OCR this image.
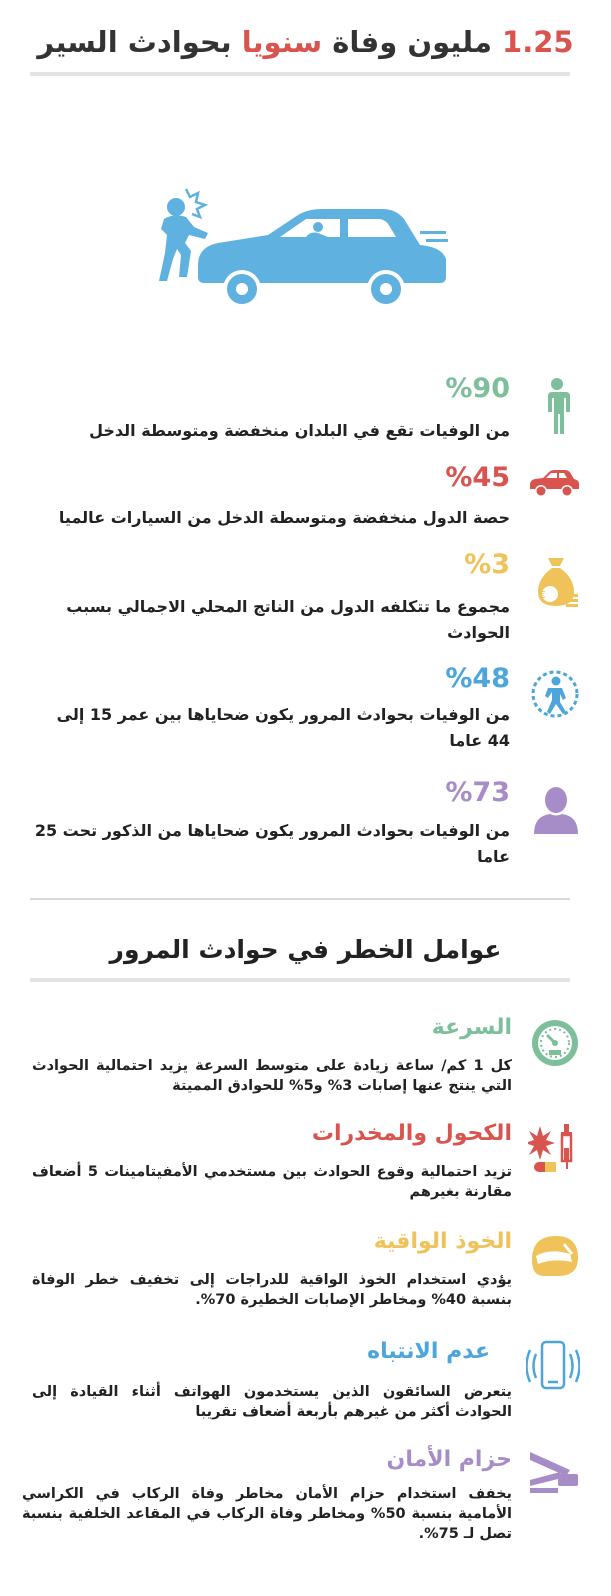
1.25 مليون وفاة سنويا بحوادث السير
%90
من الوفيات تقع في البلدان منخفضة ومتوسطة الدخل
%45
حصة الدول منخفضة ومتوسطة الدخل من السيارات عالميا
%3
مجموع ما تتكلفه الدول من الناتج المحلي الاجمالي بسبب الحوادث
€
%48
من الوفيات بحوادث المرور يكون ضحاياها بين عمر 15 إلى 44 عاما
%73
من الوفيات بحوادث المرور يكون ضحاياها من الذكور تحت 25 عاما
عوامل الخطر في حوادث المرور
السرعة
كل 1 كم/ ساعة زيادة على متوسط السرعة يزيد احتمالية الحوادث التي ينتج عنها إصابات 3% و5% للحوادق المميتة
الكحول والمخدرات
تزيد احتمالية وقوع الحوادث بين مستخدمي الأمفيتامينات 5 أضعاف مقارنة بغيرهم
الخوذ الواقية
يؤدي استخدام الخوذ الواقية للدراجات إلى تخفيف خطر الوفاة بنسبة 40% ومخاطر الإصابات الخطيرة 70%.
عدم الانتباه
يتعرض السائقون الذين يستخدمون الهواتف أثناء القيادة إلى الحوادث أكثر من غيرهم بأربعة أضعاف تقريبا
حزام الأمان
يخفف استخدام حزام الأمان مخاطر وفاة الركاب في الكراسي الأمامية بنسبة 50% ومخاطر وفاة الركاب في المقاعد الخلفية بنسبة تصل لـ 75%.
